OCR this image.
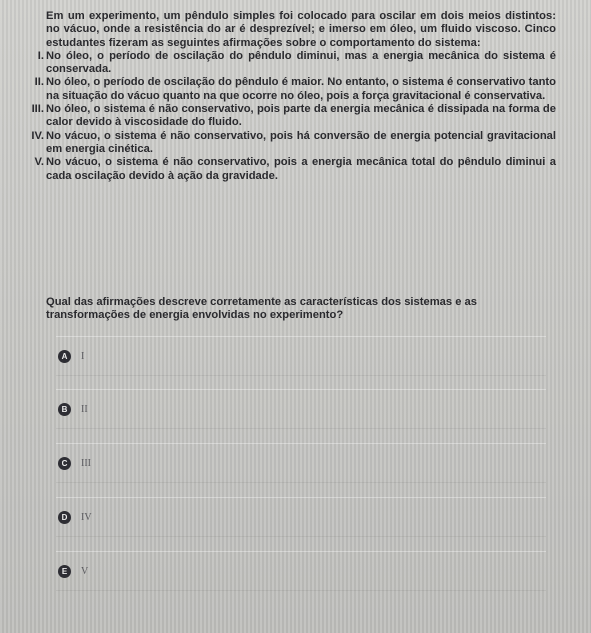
Em um experimento, um pêndulo simples foi colocado para oscilar em dois meios distintos: no vácuo, onde a resistência do ar é desprezível; e imerso em óleo, um fluido viscoso. Cinco estudantes fizeram as seguintes afirmações sobre o comportamento do sistema:

I. No óleo, o período de oscilação do pêndulo diminui, mas a energia mecânica do sistema é conservada.
II. No óleo, o período de oscilação do pêndulo é maior. No entanto, o sistema é conservativo tanto na situação do vácuo quanto na que ocorre no óleo, pois a força gravitacional é conservativa.
III. No óleo, o sistema é não conservativo, pois parte da energia mecânica é dissipada na forma de calor devido à viscosidade do fluido.
IV. No vácuo, o sistema é não conservativo, pois há conversão de energia potencial gravitacional em energia cinética.
V. No vácuo, o sistema é não conservativo, pois a energia mecânica total do pêndulo diminui a cada oscilação devido à ação da gravidade.

Qual das afirmações descreve corretamente as características dos sistemas e as transformações de energia envolvidas no experimento?

A	I
B	II
C	III
D	IV
E	V
